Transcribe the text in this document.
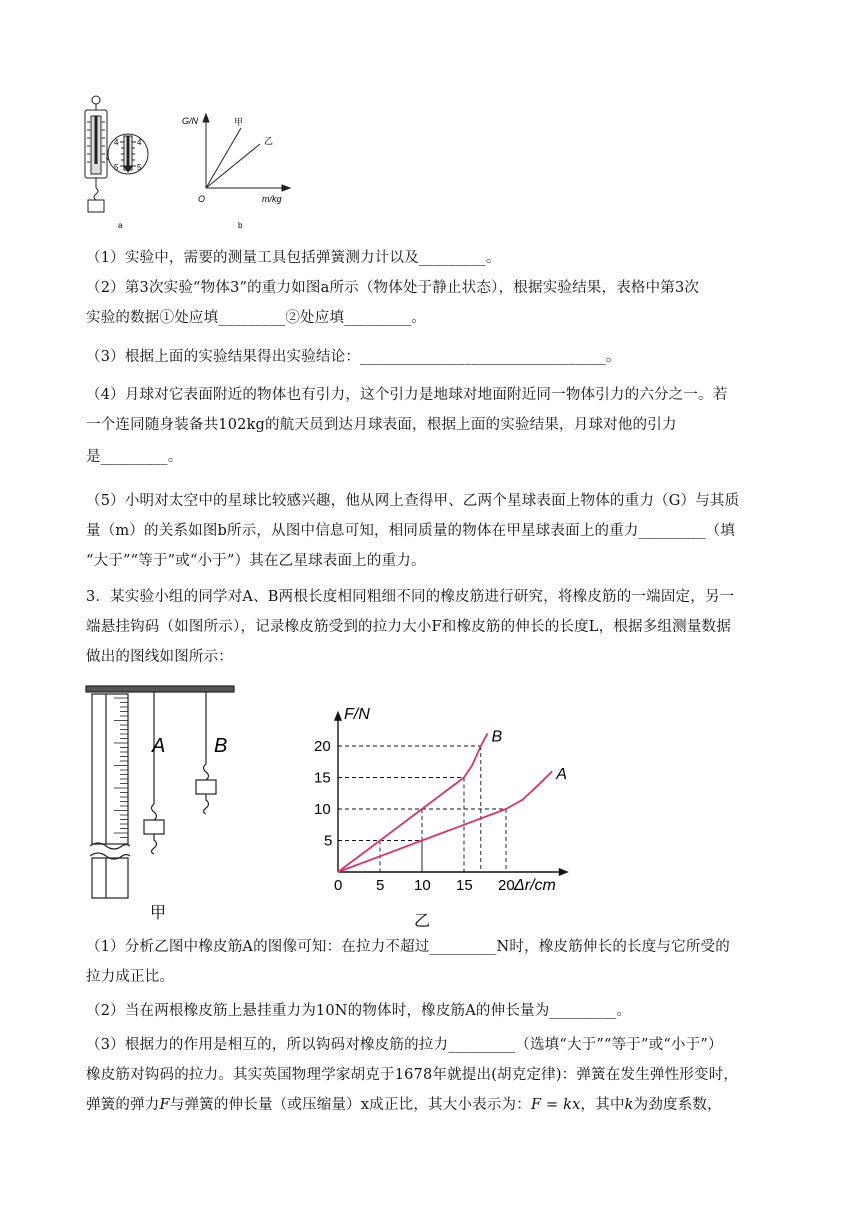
4 4
5 5
a
G/N	甲
乙
O	m/kg
b

（1）实验中，需要的测量工具包括弹簧测力计以及_________。

（2）第3次实验“物体3”的重力如图a所示（物体处于静止状态），根据实验结果，表格中第3次

实验的数据①处应填_________②处应填_________。

（3）根据上面的实验结果得出实验结论：_________________________________。

（4）月球对它表面附近的物体也有引力，这个引力是地球对地面附近同一物体引力的六分之一。若

一个连同随身装备共102kg的航天员到达月球表面，根据上面的实验结果，月球对他的引力

是_________。

（5）小明对太空中的星球比较感兴趣，他从网上查得甲、乙两个星球表面上物体的重力（G）与其质

量（m）的关系如图b所示，从图中信息可知，相同质量的物体在甲星球表面上的重力_________（填

“大于”“等于”或“小于”）其在乙星球表面上的重力。

3．某实验小组的同学对A、B两根长度相同粗细不同的橡皮筋进行研究，将橡皮筋的一端固定，另一

端悬挂钩码（如图所示），记录橡皮筋受到的拉力大小F和橡皮筋的伸长的长度L，根据多组测量数据

做出的图线如图所示：

A B
甲
0 5 10 15 20
5
10
15
20
F/N
Δr/cm
A
B
乙

（1）分析乙图中橡皮筋A的图像可知：在拉力不超过_________N时，橡皮筋伸长的长度与它所受的

拉力成正比。

（2）当在两根橡皮筋上悬挂重力为10N的物体时，橡皮筋A的伸长量为_________。

（3）根据力的作用是相互的，所以钩码对橡皮筋的拉力_________（选填“大于”“等于”或“小于”）

橡皮筋对钩码的拉力。其实英国物理学家胡克于1678年就提出(胡克定律)：弹簧在发生弹性形变时，

弹簧的弹力F与弹簧的伸长量（或压缩量）x成正比，其大小表示为：F = kx，其中k为劲度系数，
